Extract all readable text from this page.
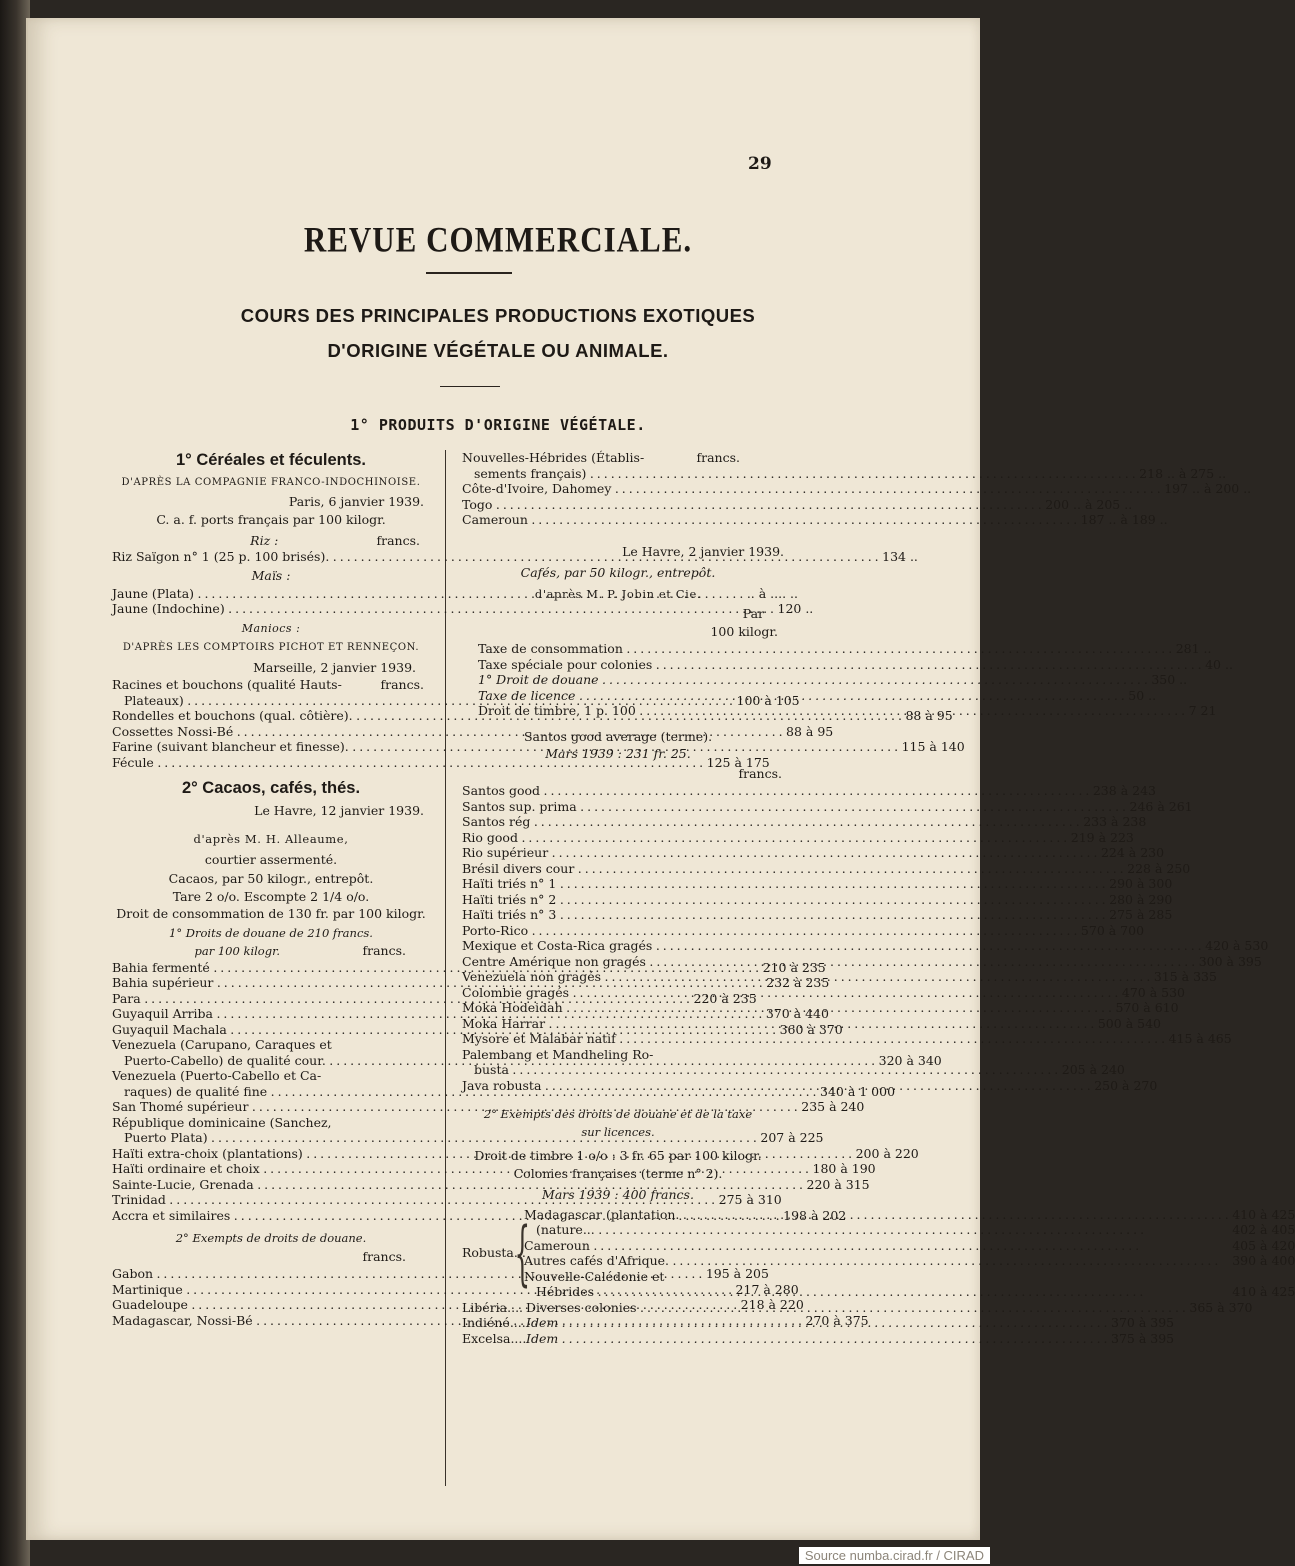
29
REVUE COMMERCIALE.
COURS DES PRINCIPALES PRODUCTIONS EXOTIQUES
D'ORIGINE VÉGÉTALE OU ANIMALE.
1° PRODUITS D'ORIGINE VÉGÉTALE.
1° Céréales et féculents.
D'APRÈS LA COMPAGNIE FRANCO-INDOCHINOISE.
Paris, 6 janvier 1939.
C. a. f. ports français par 100 kilogr.
Riz :	francs.
Riz Saïgon n° 1 (25 p. 100 brisés). . . .	134 ..
Maïs :
Jaune (Plata) . . .	.. à .... ..
Jaune (Indochine) . . .	120 ..
Maniocs :
D'APRÈS LES COMPTOIRS PICHOT ET RENNEÇON.
Marseille, 2 janvier 1939.
Racines et bouchons (qualité Hauts-	francs.
Plateaux) . . .	100 à 105
Rondelles et bouchons (qual. côtière). . . .	88 à 95
Cossettes Nossi-Bé . . .	88 à 95
Farine (suivant blancheur et finesse). . . .	115 à 140
Fécule . . .	125 à 175
2° Cacaos, cafés, thés.
Le Havre, 12 janvier 1939.
d'après M. H. Alleaume,
courtier assermenté.
Cacaos, par 50 kilogr., entrepôt.
Tare 2 o/o. Escompte 2 1/4 o/o.
Droit de consommation de 130 fr. par 100 kilogr.
1° Droits de douane de 210 francs.
par 100 kilogr.	francs.
Bahia fermenté . . .	210 à 235
Bahia supérieur . . .	232 à 235
Para . . .	220 à 235
Guyaquil Arriba . . .	370 à 440
Guyaquil Machala . . .	360 à 370
Venezuela (Carupano, Caraques et
Puerto-Cabello) de qualité cour. . . .	320 à 340
Venezuela (Puerto-Cabello et Ca-
raques) de qualité fine . . .	340 à 1 000
San Thomé supérieur . . .	235 à 240
République dominicaine (Sanchez,
Puerto Plata) . . .	207 à 225
Haïti extra-choix (plantations) . . .	200 à 220
Haïti ordinaire et choix . . .	180 à 190
Sainte-Lucie, Grenada . . .	220 à 315
Trinidad . . .	275 à 310
Accra et similaires . . .	198 à 202
2° Exempts de droits de douane.
francs.
Gabon . . .	195 à 205
Martinique . . .	217 à 280
Guadeloupe . . .	218 à 220
Madagascar, Nossi-Bé . . .	270 à 375
Nouvelles-Hébrides (Établis-	francs.
sements français) . . .	218 .. à 275 ..
Côte-d'Ivoire, Dahomey . . .	197 .. à 200 ..
Togo . . .	200 .. à 205 ..
Cameroun . . .	187 .. à 189 ..
Le Havre, 2 janvier 1939.
Cafés, par 50 kilogr., entrepôt.
d'après M. P. Jobin et Cie.
Par
100 kilogr.
Taxe de consommation . . .	281 ..
Taxe spéciale pour colonies . . .	40 ..
1° Droit de douane . . .	350 ..
Taxe de licence . . .	50 ..
Droit de timbre, 1 p. 100 . . .	7 21
Santos good average (terme).
Mars 1939 : 231 fr. 25.
francs.
Santos good . . .	238 à 243
Santos sup. prima . . .	246 à 261
Santos rég . . .	233 à 238
Rio good . . .	219 à 223
Rio supérieur . . .	224 à 230
Brésil divers cour . . .	228 à 250
Haïti triés n° 1 . . .	290 à 300
Haïti triés n° 2 . . .	280 à 290
Haïti triés n° 3 . . .	275 à 285
Porto-Rico . . .	570 à 700
Mexique et Costa-Rica gragés . . .	420 à 530
Centre Amérique non gragés . . .	300 à 395
Venezuela non gragés . . .	315 à 335
Colombie gragés . . .	470 à 530
Moka Hodeidah . . .	570 à 610
Moka Harrar . . .	500 à 540
Mysore et Malabar natif . . .	415 à 465
Palembang et Mandheling Ro-
busta . . .	205 à 240
Java robusta . . .	250 à 270
2° Exempts des droits de douane et de la taxe
sur licences.
Droit de timbre 1 o/o : 3 fr. 65 par 100 kilogr.
Colonies françaises (terme n° 2).
Mars 1939 : 400 francs.
Robusta...
{
Madagascar (plantation. . . .	410 à 425
(nature... . . .	402 à 405
Cameroun . . .	405 à 420
Autres cafés d'Afrique. . . .	390 à 400
Nouvelle-Calédonie et
Hébrides . . .	410 à 425
Libéria.... Diverses colonies . . .	365 à 370
Indiéné.... Idem . . .	370 à 395
Excelsa.... Idem . . .	375 à 395
Source numba.cirad.fr / CIRAD
